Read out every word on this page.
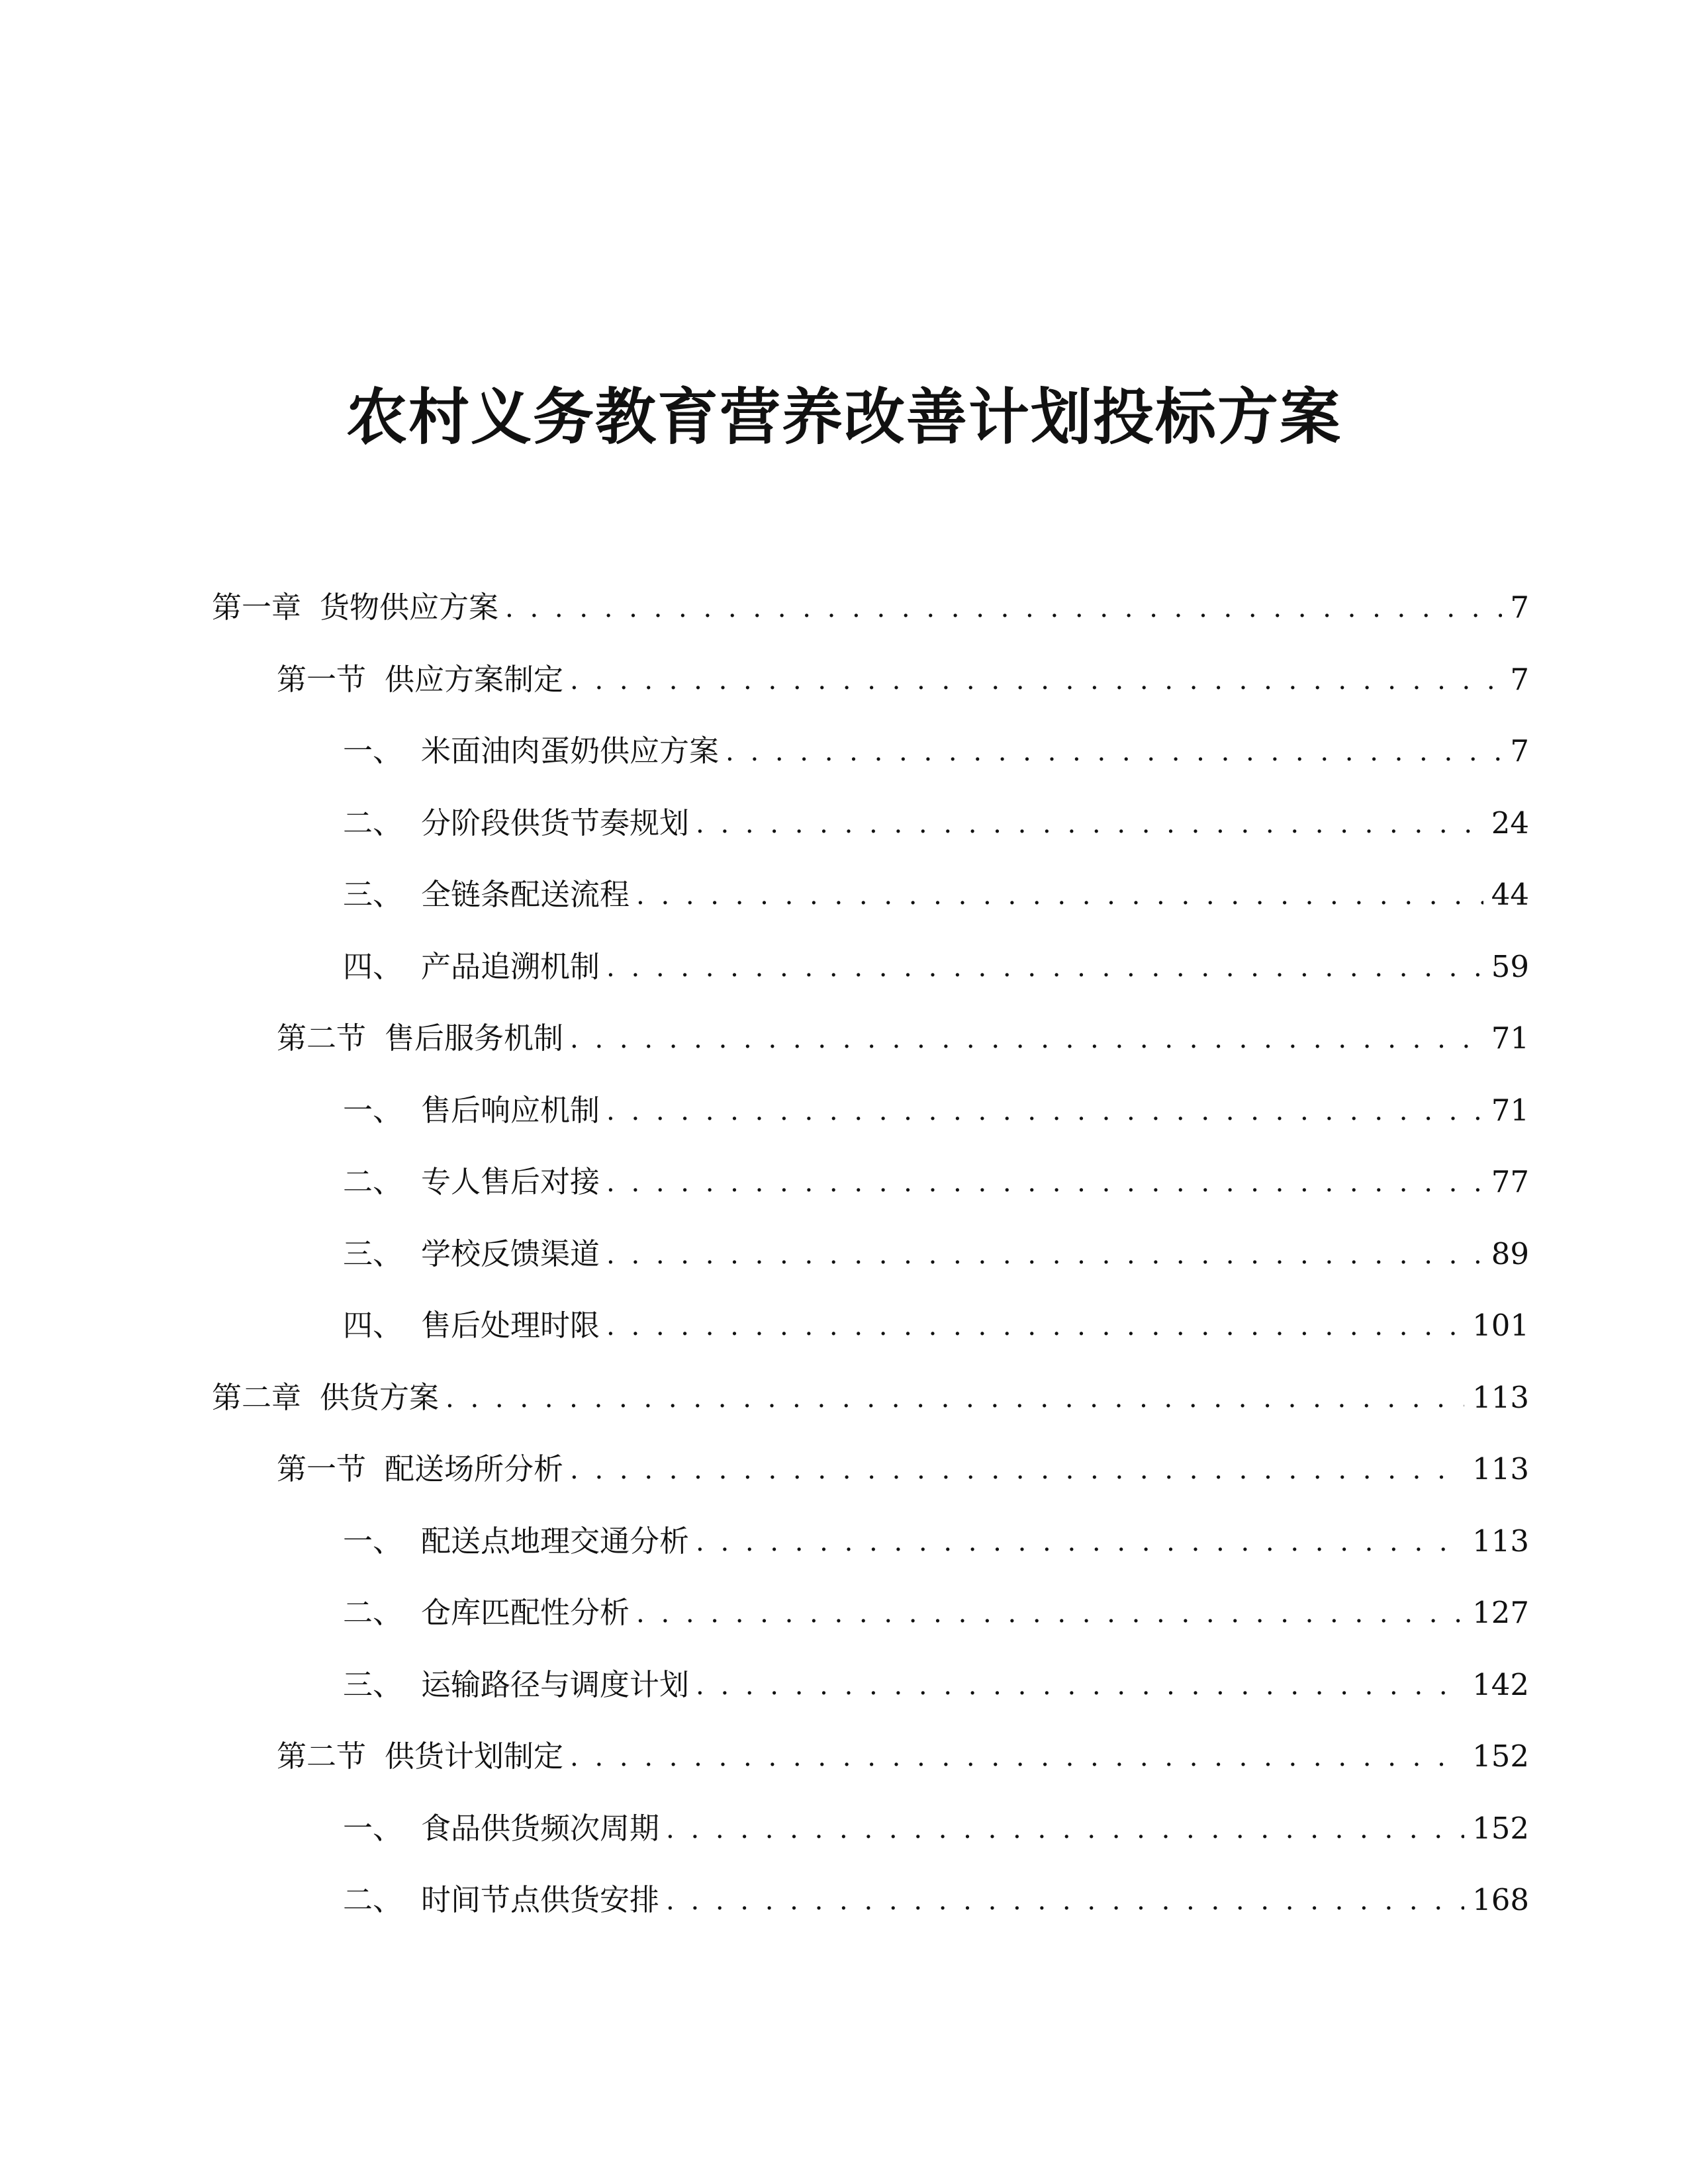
农村义务教育营养改善计划投标方案
第一章 货物供应方案 . . .	7
第一节 供应方案制定 . . .	7
一、 米面油肉蛋奶供应方案 . . .	7
二、 分阶段供货节奏规划 . . .	24
三、 全链条配送流程 . . .	44
四、 产品追溯机制 . . .	59
第二节 售后服务机制 . . .	71
一、 售后响应机制 . . .	71
二、 专人售后对接 . . .	77
三、 学校反馈渠道 . . .	89
四、 售后处理时限 . . .	101
第二章 供货方案 . . .	113
第一节 配送场所分析 . . .	113
一、 配送点地理交通分析 . . .	113
二、 仓库匹配性分析 . . .	127
三、 运输路径与调度计划 . . .	142
第二节 供货计划制定 . . .	152
一、 食品供货频次周期 . . .	152
二、 时间节点供货安排 . . .	168
